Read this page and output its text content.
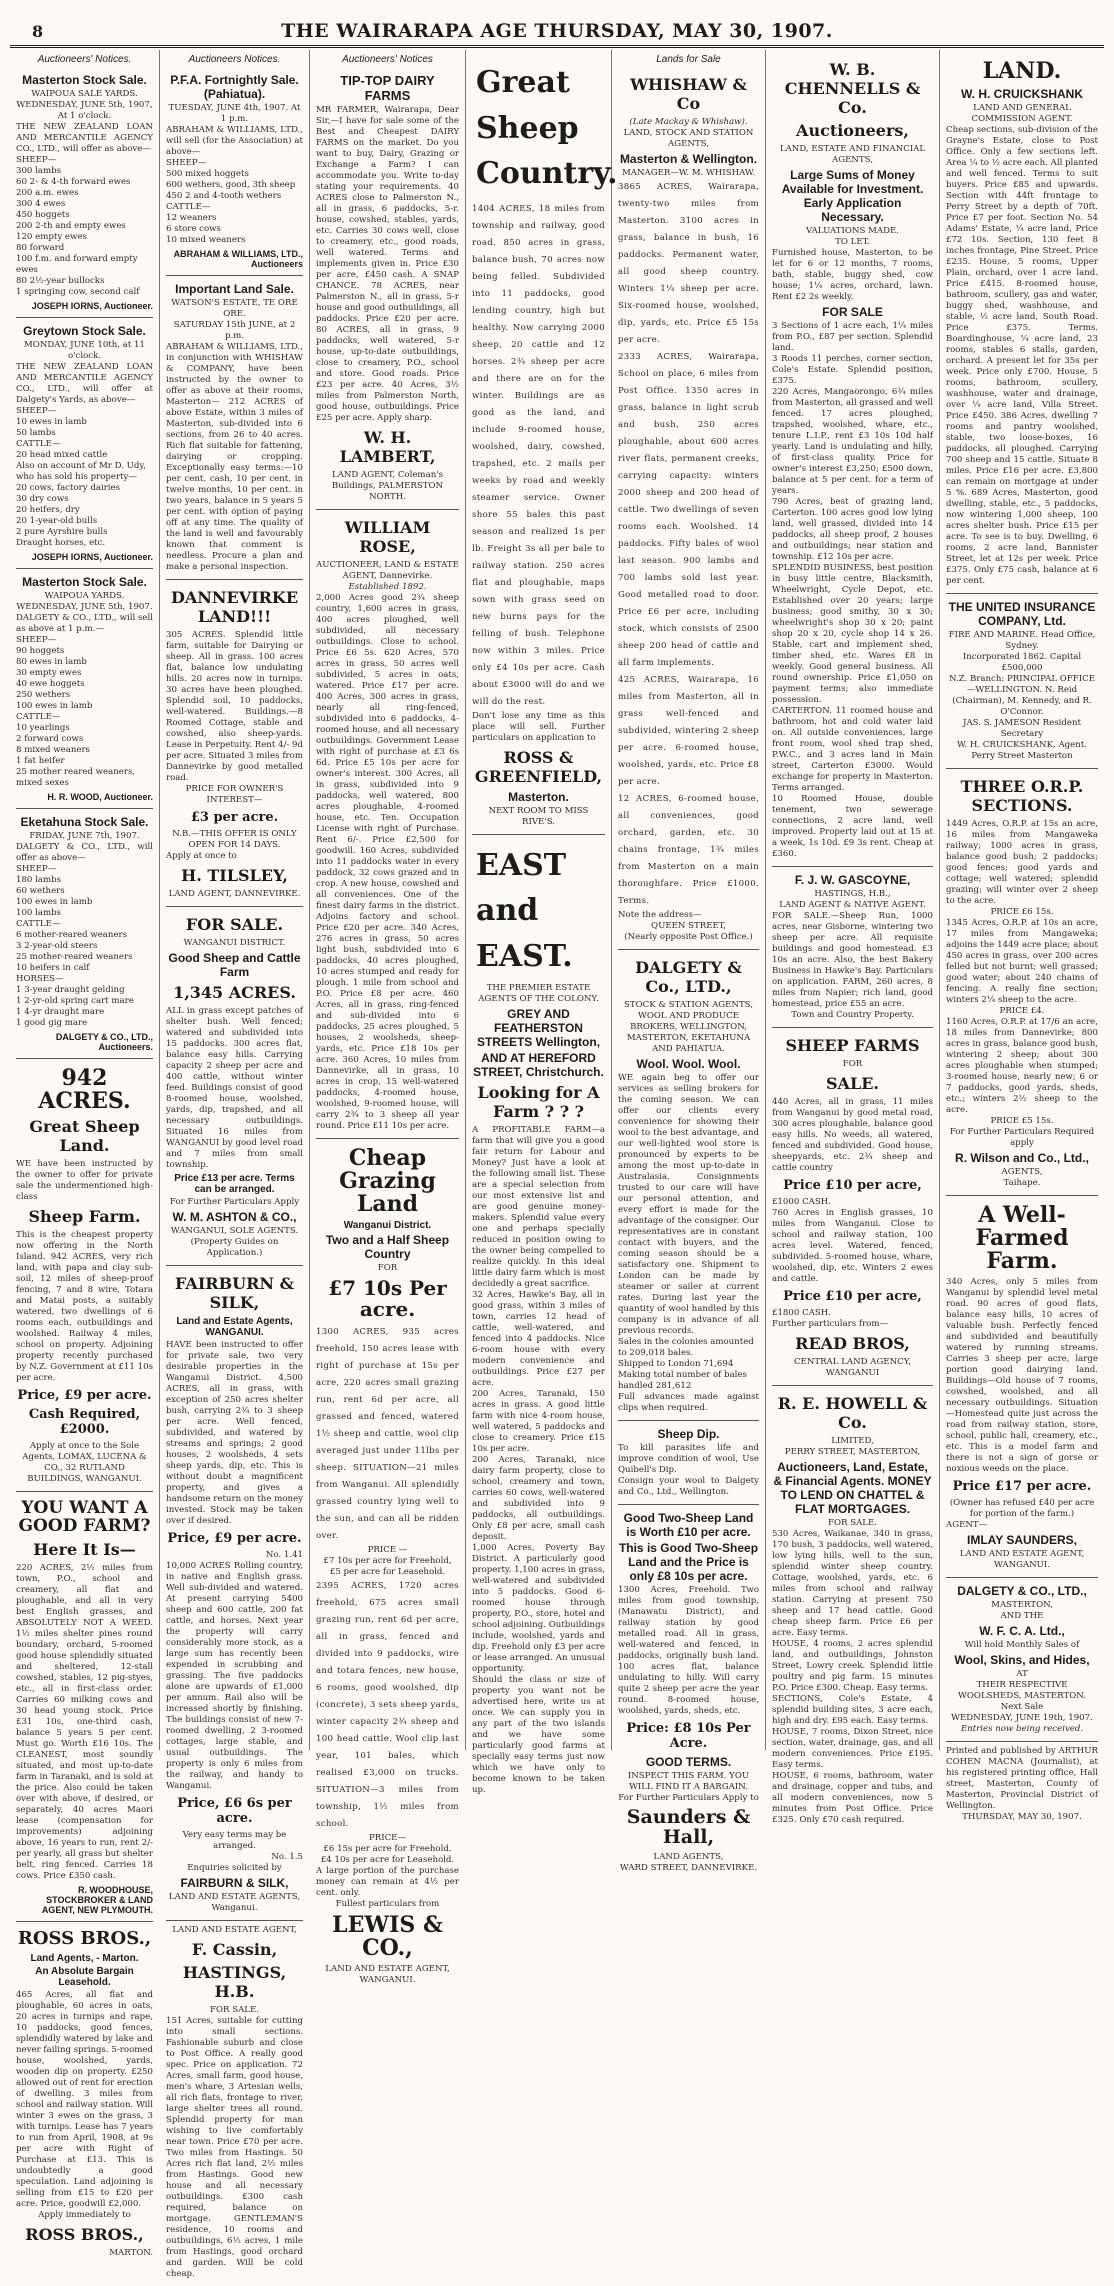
8	THE WAIRARAPA AGE THURSDAY, MAY 30, 1907.
Auctioneers' Notices.
Masterton Stock Sale.
WAIPOUA SALE YARDS.
WEDNESDAY, JUNE 5th, 1907, At 1 o'clock.
THE NEW ZEALAND LOAN AND MERCANTILE AGENCY CO., LTD., will offer as above—
SHEEP—
300 lambs
60 2- & 4-th forward ewes
200 a.m. ewes
300 4 ewes
450 hoggets
200 2-th and empty ewes
120 empty ewes
80 forward
100 f.m. and forward empty ewes
80 2½-year bullocks
1 springing cow, second calf
JOSEPH IORNS, Auctioneer.
Greytown Stock Sale.
MONDAY, JUNE 10th, at 11 o'clock.
THE NEW ZEALAND LOAN AND MERCANTILE AGENCY CO., LTD., will offer at Dalgety's Yards, as above—
SHEEP—
10 ewes in lamb
50 lambs
CATTLE—
20 head mixed cattle
Also on account of Mr D. Udy, who has sold his property—
20 cows, factory dairies
30 dry cows
20 heifers, dry
20 1-year-old bulls
2 pure Ayrshire bulls
Draught horses, etc.
JOSEPH IORNS, Auctioneer.
Masterton Stock Sale.
WAIPOUA YARDS.
WEDNESDAY, JUNE 5th, 1907.
DALGETY & CO., LTD., will sell as above at 1 p.m.—
SHEEP—
90 hoggets
80 ewes in lamb
30 empty ewes
40 ewe hoggets
250 wethers
100 ewes in lamb
CATTLE—
10 yearlings
2 forward cows
8 mixed weaners
1 fat heifer
25 mother reared weaners, mixed sexes
H. R. WOOD, Auctioneer.
Eketahuna Stock Sale.
FRIDAY, JUNE 7th, 1907.
DALGETY & CO., LTD., will offer as above—
SHEEP—
180 lambs
60 wethers
100 ewes in lamb
100 lambs
CATTLE—
6 mother-reared weaners
3 2-year-old steers
25 mother-reared weaners
10 heifers in calf
HORSES—
1 3-year draught gelding
1 2-yr-old spring cart mare
1 4-yr draught mare
1 good gig mare
DALGETY & CO., LTD., Auctioneers.
942 ACRES.
Great Sheep Land.
WE have been instructed by the owner to offer for private sale the undermentioned high-class
Sheep Farm.
This is the cheapest property now offering in the North Island. 942 ACRES, very rich land, with papa and clay sub-soil, 12 miles of sheep-proof fencing, 7 and 8 wire, Totara and Matai posts, a suitably watered, two dwellings of 6 rooms each, outbuildings and woolshed. Railway 4 miles, school on property. Adjoining property recently purchased by N.Z. Government at £11 10s per acre.
Price, £9 per acre.
Cash Required, £2000.
Apply at once to the Sole Agents, LOMAX, LUCENA & CO., 32 RUTLAND BUILDINGS, WANGANUI.
YOU WANT A GOOD FARM?
Here It Is—
220 ACRES, 2½ miles from town, P.O., school and creamery, all flat and ploughable, and all in very best English grasses, and ABSOLUTELY NOT A WEED. 1½ miles shelter pines round boundary, orchard, 5-roomed good house splendidly situated and sheltered, 12-stall cowshed, stables, 12 pig-styes, etc., all in first-class order. Carries 60 milking cows and 30 head young stock. Price £31 10s, one-third cash, balance 5 years 5 per cent. Must go. Worth £16 10s. The CLEANEST, most soundly situated, and most up-to-date farm in Taranaki, and is sold at the price. Also could be taken over with above, if desired, or separately, 40 acres Maori lease (compensation for improvements) adjoining above, 16 years to run, rent 2/- per yearly, all grass but shelter belt, ring fenced. Carries 18 cows. Price £350 cash.
R. WOODHOUSE, STOCKBROKER & LAND AGENT, NEW PLYMOUTH.
ROSS BROS.,
Land Agents, - Marton.
An Absolute Bargain Leasehold.
465 Acres, all flat and ploughable, 60 acres in oats, 20 acres in turnips and rape, 10 paddocks, good fences, splendidly watered by lake and never failing springs. 5-roomed house, woolshed, yards, wooden dip on property. £250 allowed out of rent for erection of dwelling. 3 miles from school and railway station. Will winter 3 ewes on the grass, 3 with turnips. Lease has 7 years to run from April, 1908, at 9s per acre with Right of Purchase at £13. This is undoubtedly a good speculation. Land adjoining is selling from £15 to £20 per acre. Price, goodwill £2,000.
Apply immediately to
ROSS BROS.,
MARTON.
Auctioneers Notices.
P.F.A. Fortnightly Sale. (Pahiatua).
TUESDAY, JUNE 4th, 1907. At 1 p.m.
ABRAHAM & WILLIAMS, LTD., will sell (for the Association) at above—
SHEEP—
500 mixed hoggets
600 wethers, good, 3th sheep
450 2 and 4-tooth wethers
CATTLE—
12 weaners
6 store cows
10 mixed weaners
ABRAHAM & WILLIAMS, LTD., Auctioneers
Important Land Sale.
WATSON'S ESTATE, TE ORE ORE.
SATURDAY 15th JUNE, at 2 p.m.
ABRAHAM & WILLIAMS, LTD., in conjunction with WHISHAW & COMPANY, have been instructed by the owner to offer as above at their rooms, Masterton— 212 ACRES of above Estate, within 3 miles of Masterton, sub-divided into 6 sections, from 26 to 40 acres. Rich flat suitable for fattening, dairying or cropping. Exceptionally easy terms:—10 per cent. cash, 10 per cent. in twelve months, 10 per cent. in two years, balance in 5 years 5 per cent. with option of paying off at any time. The quality of the land is well and favourably known that comment is needless. Procure a plan and make a personal inspection.
DANNEVIRKE LAND!!!
305 ACRES. Splendid little farm, suitable for Dairying or sheep. All in grass. 100 acres flat, balance low undulating hills. 20 acres now in turnips. 30 acres have been ploughed. Splendid soil, 10 paddocks, well-watered. Buildings.—8 Roomed Cottage, stable and cowshed, also sheep-yards. Lease in Perpetuity. Rent 4/- 9d per acre. Situated 3 miles from Dannevirke by good metalled road.
PRICE FOR OWNER'S INTEREST—
£3 per acre.
N.B.—THIS OFFER IS ONLY OPEN FOR 14 DAYS.
Apply at once to
H. TILSLEY,
LAND AGENT, DANNEVIRKE.
FOR SALE.
WANGANUI DISTRICT.
Good Sheep and Cattle Farm
1,345 ACRES.
ALL in grass except patches of shelter bush. Well fenced; watered and subdivided into 15 paddocks. 300 acres flat, balance easy hills. Carrying capacity 2 sheep per acre and 400 cattle, without winter feed. Buildings consist of good 8-roomed house, woolshed, yards, dip, trapshed, and all necessary outbuildings. Situated 16 miles from WANGANUI by good level road and 7 miles from small township.
Price £13 per acre. Terms can be arranged.
For Further Particulars Apply
W. M. ASHTON & CO.,
WANGANUI, SOLE AGENTS.
(Property Guides on Application.)
FAIRBURN & SILK,
Land and Estate Agents, WANGANUI.
HAVE been instructed to offer for private sale, two very desirable properties in the Wanganui District. 4,500 ACRES, all in grass, with exception of 250 acres shelter bush, carrying 2¾ to 3 sheep per acre. Well fenced, subdivided, and watered by streams and springs; 2 good houses, 2 woolsheds, 4 sets sheep yards, dip, etc. This is without doubt a magnificent property, and gives a handsome return on the money invested. Stock may be taken over if desired.
Price, £9 per acre.
No. 1.41
10,000 ACRES Rolling country, in native and English grass. Well sub-divided and watered. At present carrying 5400 sheep and 600 cattle, 200 fat cattle, and horses. Next year the property will carry considerably more stock, as a large sum has recently been expended in scrubbing and grassing. The five paddocks alone are upwards of £1,000 per annum. Rail also will be increased shortly by finishing. The buildings consist of new 7-roomed dwelling, 2 3-roomed cottages, large stable, and usual outbuildings. The property is only 6 miles from the railway, and handy to Wanganui.
Price, £6 6s per acre.
Very easy terms may be arranged.
No. 1.5
Enquiries solicited by
FAIRBURN & SILK,
LAND AND ESTATE AGENTS, Wanganui.
LAND AND ESTATE AGENT,
F. Cassin,
HASTINGS, H.B.
FOR SALE.
151 Acres, suitable for cutting into small sections. Fashionable suburb and close to Post Office. A really good spec. Price on application. 72 Acres, small farm, good house, men's whare, 3 Artesian wells, all rich flats, frontage to river, large shelter trees all round. Splendid property for man wishing to live comfortably near town. Price £70 per acre. Two miles from Hastings. 50 Acres rich flat land, 2½ miles from Hastings. Good new house and all necessary outbuildings. £300 cash required, balance on mortgage. GENTLEMAN'S residence, 10 rooms and outbuildings, 6½ acres, 1 mile from Hastings, good orchard and garden. Will be cold cheap.
Auctioneers' Notices
TIP-TOP DAIRY FARMS
MR FARMER, Wairarapa, Dear Sir,—I have for sale some of the Best and Cheapest DAIRY FARMS on the market. Do you want to buy, Dairy, Grazing or Exchange a Farm? I can accommodate you. Write to-day stating your requirements. 40 ACRES close to Palmerston N., all in grass, 6 paddocks, 5-r. house, cowshed, stables, yards, etc. Carries 30 cows well, close to creamery, etc., good roads, well watered. Terms and implements given in. Price £30 per acre, £450 cash. A SNAP CHANCE. 78 ACRES, near Palmerston N., all in grass, 5-r house and good outbuildings, all paddocks. Price £20 per acre. 80 ACRES, all in grass, 9 paddocks, well watered, 5-r house, up-to-date outbuildings, close to creamery, P.O., school and store. Good roads. Price £23 per acre. 40 Acres, 3½ miles from Palmerston North, good house, outbuildings. Price £25 per acre. Apply sharp.
W. H. LAMBERT,
LAND AGENT, Coleman's Buildings, PALMERSTON NORTH.
WILLIAM ROSE,
AUCTIONEER, LAND & ESTATE AGENT, Dannevirke.
Established 1892.
2,000 Acres good 2¾ sheep country, 1,600 acres in grass, 400 acres ploughed, well subdivided, all necessary outbuildings. Close to school. Price £6 5s. 620 Acres, 570 acres in grass, 50 acres well subdivided, 5 acres in oats, watered. Price £17 per acre. 400 Acres, 300 acres in grass, nearly all ring-fenced, subdivided into 6 paddocks, 4-roomed house, and all necessary outbuildings. Government Lease with right of purchase at £3 6s 6d. Price £5 10s per acre for owner's interest. 300 Acres, all in grass, subdivided into 9 paddocks, well watered, 800 acres ploughable, 4-roomed house, etc. Ten. Occupation License with right of Purchase. Rent 6/-. Price £2,500 for goodwill. 160 Acres, subdivided into 11 paddocks water in every paddock, 32 cows grazed and in crop. A new house, cowshed and all conveniences. One of the finest dairy farms in the district. Adjoins factory and school. Price £20 per acre. 340 Acres, 276 acres in grass, 50 acres light bush, subdivided into 6 paddocks, 40 acres ploughed, 10 acres stumped and ready for plough. 1 mile from school and P.O. Price £8 per acre. 460 Acres, all in grass, ring-fenced and sub-divided into 6 paddocks, 25 acres ploughed, 5 houses, 2 woolsheds, sheep-yards, etc. Price £18 10s per acre. 360 Acres, 10 miles from Dannevirke, all in grass, 10 acres in crop, 15 well-watered paddocks, 4-roomed house, woolshed, 9-roomed house, will carry 2¾ to 3 sheep all year round. Price £11 10s per acre.
Cheap Grazing Land
Wanganui District.
Two and a Half Sheep Country
FOR
£7 10s Per acre.
1300 ACRES, 935 acres freehold, 150 acres lease with right of purchase at 15s per acre, 220 acres small grazing run, rent 6d per acre, all grassed and fenced, watered 1½ sheep and cattle, wool clip averaged just under 11lbs per sheep. SITUATION—21 miles from Wanganui. All splendidly grassed country lying well to the sun, and can all be ridden over.
PRICE —
£7 10s per acre for Freehold,
£5 per acre for Leasehold.
2395 ACRES, 1720 acres freehold, 675 acres small grazing run, rent 6d per acre, all in grass, fenced and divided into 9 paddocks, wire and totara fences, new house, 6 rooms, good woolshed, dip (concrete), 3 sets sheep yards, winter capacity 2¾ sheep and 100 head cattle. Wool clip last year, 101 bales, which realised £3,000 on trucks. SITUATION—3 miles from township, 1½ miles from school.
PRICE—
£6 15s per acre for Freehold.
£4 10s per acre for Leasehold.
A large portion of the purchase money can remain at 4½ per cent. only.
Fullest particulars from
LEWIS & CO.,
LAND AND ESTATE AGENT, WANGANUI.
Great
Sheep
Country.
1404 ACRES, 18 miles from township and railway, good road. 850 acres in grass, balance bush, 70 acres now being felled. Subdivided into 11 paddocks, good lending country, high but healthy. Now carrying 2000 sheep, 20 cattle and 12 horses. 2¾ sheep per acre and there are on for the winter. Buildings are as good as the land, and include 9-roomed house, woolshed, dairy, cowshed, trapshed, etc. 2 mails per weeks by road and weekly steamer service. Owner shore 55 bales this past season and realized 1s per lb. Freight 3s all per bale to railway station. 250 acres flat and ploughable, maps sown with grass seed on new burns pays for the felling of bush. Telephone now within 3 miles. Price only £4 10s per acre. Cash about £3000 will do and we will do the rest.
Don't lose any time as this place will sell. Further particulars on application to
ROSS & GREENFIELD,
Masterton.
NEXT ROOM TO MISS RIVE'S.
EAST
and
EAST.
THE PREMIER ESTATE AGENTS OF THE COLONY.
GREY AND FEATHERSTON STREETS Wellington,
AND AT HEREFORD STREET, Christchurch.
Looking for A Farm ? ? ?
A PROFITABLE FARM—a farm that will give you a good fair return for Labour and Money? Just have a look at the following small list. These are a special selection from our most extensive list and are good genuine money-makers. Splendid value every one and perhaps specially reduced in position owing to the owner being compelled to realize quickly. In this ideal little dairy farm which is most decidedly a great sacrifice.
32 Acres, Hawke's Bay, all in good grass, within 3 miles of town, carries 12 head of cattle, well-watered, and fenced into 4 paddocks. Nice 6-room house with every modern convenience and outbuildings. Price £27 per acre.
200 Acres, Taranaki, 150 acres in grass. A good little farm with nice 4-room house, well watered, 5 paddocks and close to creamery. Price £15 10s per acre.
200 Acres, Taranaki, nice dairy farm property, close to school, creamery and town, carries 60 cows, well-watered and subdivided into 9 paddocks, all outbuildings. Only £8 per acre, small cash deposit.
1,000 Acres, Poverty Bay District. A particularly good property. 1,100 acres in grass, well-watered and subdivided into 5 paddocks. Good 6-roomed house through property, P.O., store, hotel and school adjoining. Outbuildings include, woolshed, yards and dip. Freehold only £3 per acre or lease arranged. An unusual opportunity.
Should the class or size of property you want not be advertised here, write us at once. We can supply you in any part of the two islands and we have some particularly good farms at specially easy terms just now which we have only to become known to be taken up.
Lands for Sale
WHISHAW & Co
(Late Mackay & Whishaw).
LAND, STOCK AND STATION AGENTS,
Masterton & Wellington.
MANAGER—W. M. WHISHAW.
3865 ACRES, Wairarapa, twenty-two miles from Masterton. 3100 acres in grass, balance in bush, 16 paddocks. Permanent water, all good sheep country. Winters 1¼ sheep per acre. Six-roomed house, woolshed, dip, yards, etc. Price £5 15s per acre.
2333 ACRES, Wairarapa, School on place, 6 miles from Post Office. 1350 acres in grass, balance in light scrub and bush, 250 acres ploughable, about 600 acres river flats, permanent creeks, carrying capacity: winters 2000 sheep and 200 head of cattle. Two dwellings of seven rooms each. Woolshed. 14 paddocks. Fifty bales of wool last season. 900 lambs and 700 lambs sold last year. Good metalled road to door. Price £6 per acre, including stock, which consists of 2500 sheep 200 head of cattle and all farm implements.
425 ACRES, Wairarapa, 16 miles from Masterton, all in grass well-fenced and subdivided, wintering 2 sheep per acre. 6-roomed house, woolshed, yards, etc. Price £8 per acre.
12 ACRES, 6-roomed house, all conveniences, good orchard, garden, etc. 30 chains frontage, 1¾ miles from Masterton on a main thoroughfare. Price £1000. Terms.
Note the address—
QUEEN STREET,
(Nearly opposite Post Office.)
DALGETY & Co., LTD.,
STOCK & STATION AGENTS, WOOL AND PRODUCE BROKERS, WELLINGTON, MASTERTON, EKETAHUNA AND PAHIATUA.
Wool. Wool. Wool.
WE again beg to offer our services as selling brokers for the coming season. We can offer our clients every convenience for showing their wool to the best advantage, and our well-lighted wool store is pronounced by experts to be among the most up-to-date in Australasia. Consignments trusted to our care will have our personal attention, and every effort is made for the advantage of the consigner. Our representatives are in constant contact with buyers, and the coming season should be a satisfactory one. Shipment to London can be made by steamer or sailer at current rates. During last year the quantity of wool handled by this company is in advance of all previous records.
Sales in the colonies amounted to 209,018 bales.
Shipped to London 71,694
Making total number of bales handled 281,612
Full advances made against clips when required.
Sheep Dip.
To kill parasites life and improve condition of wool, Use Quibell's Dip.
Consign your wool to Dalgety and Co., Ltd., Wellington.
Good Two-Sheep Land is Worth £10 per acre.
This is Good Two-Sheep Land and the Price is only £8 10s per acre.
1300 Acres, Freehold. Two miles from good township, (Manawatu District), and railway station by good metalled road. All in grass, well-watered and fenced, in paddocks, originally bush land. 100 acres flat, balance undulating to hilly. Will carry quite 2 sheep per acre the year round. 8-roomed house, woolshed, yards, sheds, etc.
Price: £8 10s Per Acre.
GOOD TERMS.
INSPECT THIS FARM. YOU WILL FIND IT A BARGAIN.
For Further Particulars Apply to
Saunders & Hall,
LAND AGENTS,
WARD STREET, DANNEVIRKE.
W. B. CHENNELLS & Co.
Auctioneers,
LAND, ESTATE AND FINANCIAL AGENTS,
Large Sums of Money Available for Investment. Early Application Necessary.
VALUATIONS MADE.
TO LET.
Furnished house, Masterton, to be let for 6 or 12 months, 7 rooms, bath, stable, buggy shed, cow house; 1¼ acres, orchard, lawn. Rent £2 2s weekly.
FOR SALE
3 Sections of 1 acre each, 1¼ miles from P.O., £87 per section. Splendid land.
3 Roods 11 perches, corner section, Cole's Estate. Splendid position, £375.
220 Acres, Mangaorongo, 6¾ miles from Masterton, all grassed and well fenced. 17 acres ploughed, trapshed, woolshed, whare, etc., tenure L.I.P., rent £3 10s 10d half yearly. Land is undulating and hilly, of first-class quality. Price for owner's interest £3,250; £500 down, balance at 5 per cent. for a term of years.
790 Acres, best of grazing land, Carterton. 100 acres good low lying land, well grassed, divided into 14 paddocks, all sheep proof, 2 houses and outbuildings; near station and township. £12 10s per acre.
SPLENDID BUSINESS, best position in busy little centre, Blacksmith, Wheelwright, Cycle Depot, etc. Established over 20 years; large business; good smithy, 30 x 30; wheelwright's shop 30 x 20; paint shop 20 x 20, cycle shop 14 x 26. Stable, cart and implement shed, timber shed, etc. Wares £8 in weekly. Good general business. All round ownership. Price £1,050 on payment terms; also immediate possession.
CARTERTON. 11 roomed house and bathroom, hot and cold water laid on. All outside conveniences, large front room, wool shed trap shed, P.W.C., and 3 acres land in Main street, Carterton £3000. Would exchange for property in Masterton. Terms arranged.
10 Roomed House, double tenement, two sewerage connections, 2 acre land, well improved. Property laid out at 15 at a week, 1s 10d. £9 3s rent. Cheap at £360.
F. J. W. GASCOYNE,
HASTINGS, H.B.,
LAND AGENT & NATIVE AGENT.
FOR SALE.—Sheep Run, 1000 acres, near Gisborne, wintering two sheep per acre. All requisite buildings and good homestead. £3 10s an acre. Also, the best Bakery Business in Hawke's Bay. Particulars on application. FARM, 260 acres, 8 miles from Napier; rich land, good homestead, price £55 an acre.
Town and Country Property.
SHEEP FARMS
FOR
SALE.
440 Acres, all in grass, 11 miles from Wanganui by good metal road, 300 acres ploughable, balance good easy hills. No weeds, all watered, fenced and subdivided. Good house, sheepyards, etc. 2¾ sheep and cattle country
Price £10 per acre,
£1000 CASH.
760 Acres in English grasses, 10 miles from Wanganui. Close to school and railway station, 100 acres level. Watered, fenced, subdivided. 5-roomed house, whare, woolshed, dip, etc. Winters 2 ewes and cattle.
Price £10 per acre,
£1800 CASH.
Further particulars from—
READ BROS,
CENTRAL LAND AGENCY, WANGANUI
R. E. HOWELL & Co.
LIMITED,
PERRY STREET, MASTERTON,
Auctioneers, Land, Estate, & Financial Agents. MONEY TO LEND ON CHATTEL & FLAT MORTGAGES.
FOR SALE.
530 Acres, Waikanae, 340 in grass, 170 bush, 3 paddocks, well watered, low lying hills, well to the sun, splendid winter sheep country. Cottage, woolshed, yards, etc. 6 miles from school and railway station. Carrying at present 750 sheep and 17 head cattle. Good cheap sheep farm. Price £6 per acre. Easy terms.
HOUSE, 4 rooms, 2 acres splendid land, and outbuildings, Johnston Street, Lowry creek. Splendid little poultry and pig farm. 15 minutes P.O. Price £300. Cheap. Easy terms.
SECTIONS, Cole's Estate, 4 splendid building sites, 3 acre each, high and dry. £95 each. Easy terms.
HOUSE, 7 rooms, Dixon Street, nice section, water, drainage, gas, and all modern conveniences. Price £195. Easy terms.
HOUSE, 6 rooms, bathroom, water and drainage, copper and tubs, and all modern conveniences, now 5 minutes from Post Office. Price £325. Only £70 cash required.
LAND.
W. H. CRUICKSHANK
LAND AND GENERAL COMMISSION AGENT.
Cheap sections, sub-division of the Grayne's Estate, close to Post Office. Only a few sections left. Area ¼ to ½ acre each. All planted and well fenced. Terms to suit buyers. Price £85 and upwards. Section with 44ft frontage to Perry Street by a depth of 70ft. Price £7 per foot. Section No. 54 Adams' Estate, ¼ acre land, Price £72 10s. Section, 130 feet 8 inches frontage, Pine Street. Price £235. House, 5 rooms, Upper Plain, orchard, over 1 acre land. Price £415. 8-roomed house, bathroom, scullery, gas and water, buggy shed, washhouse, and stable, ½ acre land, South Road. Price £375. Terms. Boardinghouse, ¼ acre land, 23 rooms, stables 6 stalls, garden, orchard. A present let for 35s per week. Price only £700. House, 5 rooms, bathroom, scullery, washhouse, water and drainage, over ¼ acre land, Villa Street. Price £450. 386 Acres, dwelling 7 rooms and pantry woolshed, stable, two loose-boxes, 16 paddocks, all ploughed. Carrying 700 sheep and 15 cattle. Situate 8 miles. Price £16 per acre. £3,800 can remain on mortgage at under 5 %. 689 Acres, Masterton, good dwelling, stable, etc., 5 paddocks, now wintering 1,000 sheep, 100 acres shelter bush. Price £15 per acre. To see is to buy. Dwelling, 6 rooms, 2 acre land, Bannister Street, let at 12s per week. Price £375. Only £75 cash, balance at 6 per cent.
THE UNITED INSURANCE COMPANY, Ltd.
FIRE AND MARINE. Head Office, Sydney.
Incorporated 1862. Capital £500,000
N.Z. Branch: PRINCIPAL OFFICE—WELLINGTON. N. Reid (Chairman), M. Kennedy, and R. O'Connor.
JAS. S. JAMESON Resident Secretary
W. H. CRUICKSHANK, Agent. Perry Street Masterton
THREE O.R.P. SECTIONS.
1449 Acres, O.R.P. at 15s an acre, 16 miles from Mangaweka railway; 1000 acres in grass, balance good bush; 2 paddocks; good fences; good yards and cottage; well watered; splendid grazing; will winter over 2 sheep to the acre.
PRICE £6 15s.
1345 Acres, O.R.P. at 10s an acre, 17 miles from Mangaweka; adjoins the 1449 acre place; about 450 acres in grass, over 200 acres felled but not burnt; well grassed; good water; about 240 chains of fencing. A really fine section; winters 2¼ sheep to the acre.
PRICE £4.
1160 Acres, O.R.P. at 17/6 an acre, 18 miles from Dannevirke; 800 acres in grass, balance good bush, wintering 2 sheep; about 300 acres ploughable when stumped; 3-roomed house, nearly new; 6 or 7 paddocks, good yards, sheds, etc.; winters 2½ sheep to the acre.
PRICE £5 15s.
For Further Particulars Required apply
R. Wilson and Co., Ltd.,
AGENTS,
Taihape.
A Well-Farmed Farm.
340 Acres, only 5 miles from Wanganui by splendid level metal road. 90 acres of good flats, balance easy hills, 10 acres of valuable bush. Perfectly fenced and subdivided and beautifully watered by running streams. Carries 3 sheep per acre, large portion good dairying land. Buildings—Old house of 7 rooms, cowshed, woolshed, and all necessary outbuildings. Situation—Homestead quite just across the road from railway station, store, school, public hall, creamery, etc., etc. This is a model farm and there is not a sign of gorse or noxious weeds on the place.
Price £17 per acre.
(Owner has refused £40 per acre for portion of the farm.)
AGENT—
IMLAY SAUNDERS,
LAND AND ESTATE AGENT,
WANGANUI.
DALGETY & CO., LTD.,
MASTERTON,
AND THE
W. F. C. A. Ltd.,
Will hold Monthly Sales of
Wool, Skins, and Hides,
AT
THEIR RESPECTIVE WOOLSHEDS, MASTERTON.
Next Sale
WEDNESDAY, JUNE 19th, 1907.
Entries now being received.
Printed and published by ARTHUR COHEN MACNA (Journalist), at his registered printing office, Hall street, Masterton, County of Masterton, Provincial District of Wellington.
THURSDAY, MAY 30, 1907.
